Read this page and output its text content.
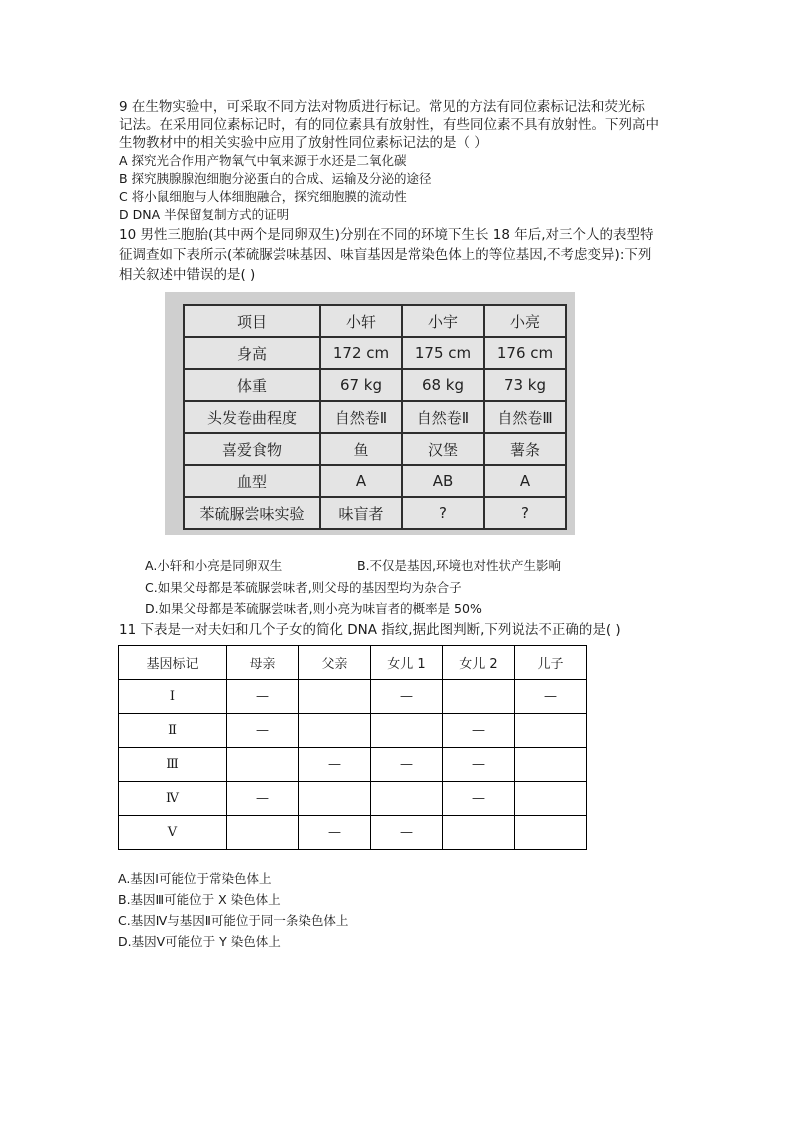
9 在生物实验中，可采取不同方法对物质进行标记。常见的方法有同位素标记法和荧光标
记法。在采用同位素标记时，有的同位素具有放射性，有些同位素不具有放射性。下列高中
生物教材中的相关实验中应用了放射性同位素标记法的是（ ）
A 探究光合作用产物氧气中氧来源于水还是二氧化碳
B 探究胰腺腺泡细胞分泌蛋白的合成、运输及分泌的途径
C 将小鼠细胞与人体细胞融合，探究细胞膜的流动性
D DNA 半保留复制方式的证明
10 男性三胞胎(其中两个是同卵双生)分别在不同的环境下生长 18 年后,对三个人的表型特
征调查如下表所示(苯硫脲尝味基因、味盲基因是常染色体上的等位基因,不考虑变异):下列
相关叙述中错误的是( )
项目	小轩	小宇	小亮
身高	172 cm	175 cm	176 cm
体重	67 kg	68 kg	73 kg
头发卷曲程度	自然卷Ⅱ	自然卷Ⅱ	自然卷Ⅲ
喜爱食物	鱼	汉堡	薯条
血型	A	AB	A
苯硫脲尝味实验	味盲者	?	?
A.小轩和小亮是同卵双生	B.不仅是基因,环境也对性状产生影响
C.如果父母都是苯硫脲尝味者,则父母的基因型均为杂合子
D.如果父母都是苯硫脲尝味者,则小亮为味盲者的概率是 50%
11 下表是一对夫妇和几个子女的简化 DNA 指纹,据此图判断,下列说法不正确的是( )
基因标记	母亲	父亲	女儿 1	女儿 2	儿子
Ⅰ	—		—		—
Ⅱ	—			—	
Ⅲ		—	—	—	
Ⅳ	—			—	
Ⅴ		—	—		
A.基因Ⅰ可能位于常染色体上
B.基因Ⅲ可能位于 X 染色体上
C.基因Ⅳ与基因Ⅱ可能位于同一条染色体上
D.基因Ⅴ可能位于 Y 染色体上
